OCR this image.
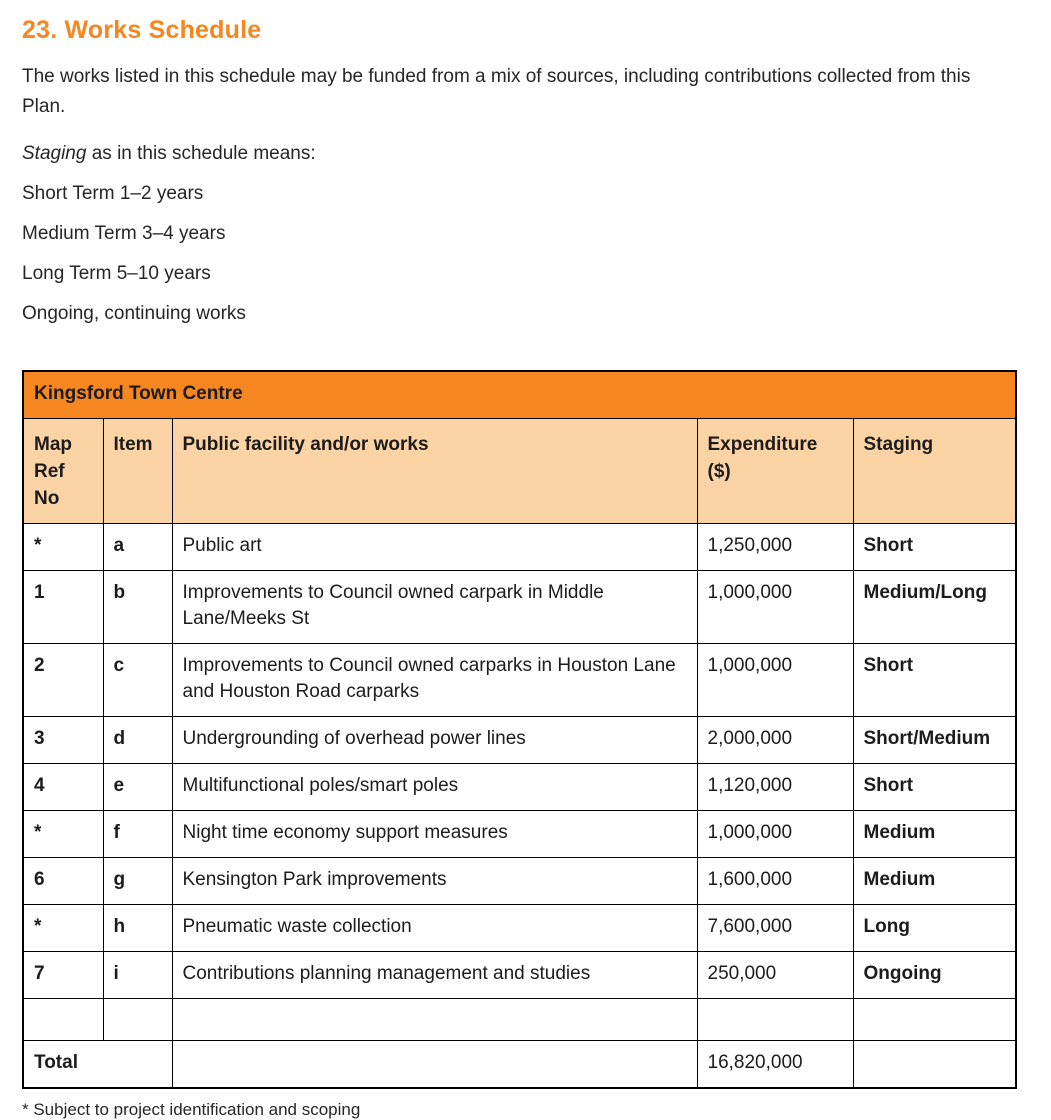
23. Works Schedule

The works listed in this schedule may be funded from a mix of sources, including contributions collected from this Plan.

Staging as in this schedule means:

Short Term 1–2 years

Medium Term 3–4 years

Long Term 5–10 years

Ongoing, continuing works

Kingsford Town Centre				
Map Ref No	Item	Public facility and/or works	Expenditure ($)	Staging
*	a	Public art	1,250,000	Short
1	b	Improvements to Council owned carpark in Middle Lane/Meeks St	1,000,000	Medium/Long
2	c	Improvements to Council owned carparks in Houston Lane and Houston Road carparks	1,000,000	Short
3	d	Undergrounding of overhead power lines	2,000,000	Short/Medium
4	e	Multifunctional poles/smart poles	1,120,000	Short
*	f	Night time economy support measures	1,000,000	Medium
6	g	Kensington Park improvements	1,600,000	Medium
*	h	Pneumatic waste collection	7,600,000	Long
7	i	Contributions planning management and studies	250,000	Ongoing

Total			16,820,000	

* Subject to project identification and scoping
